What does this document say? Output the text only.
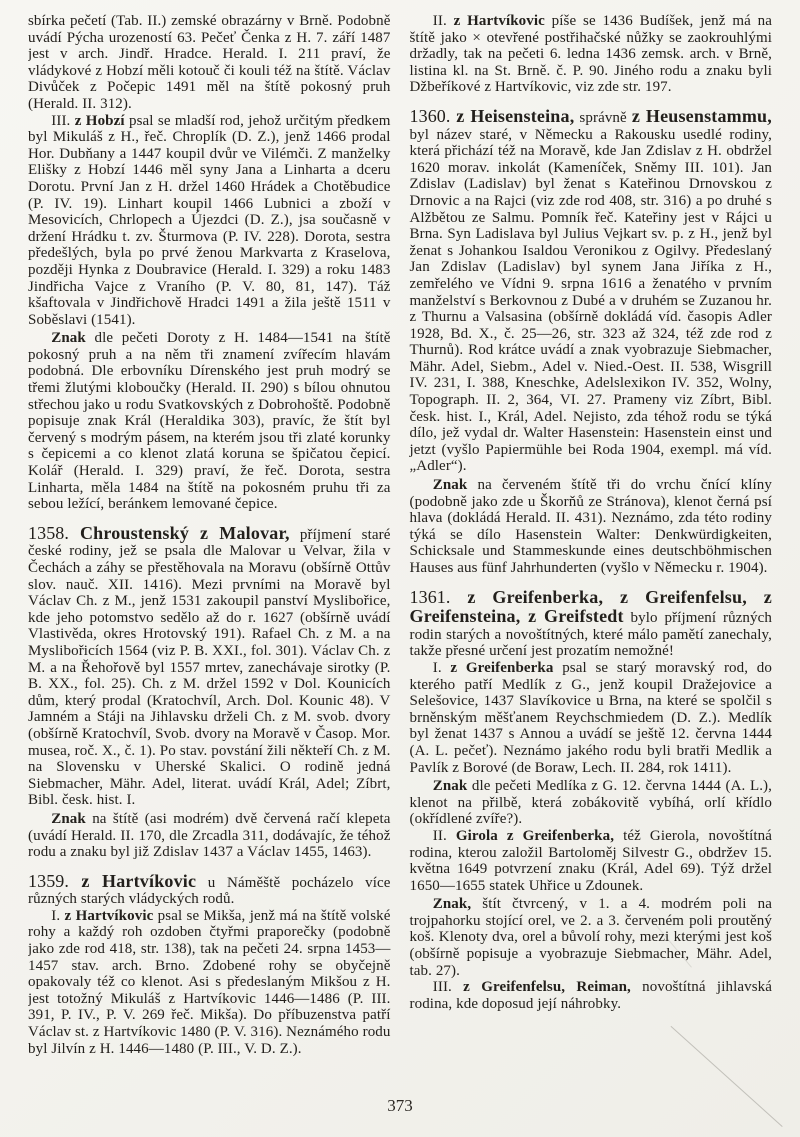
sbírka pečetí (Tab. II.) zemské obrazárny v Brně. Podobně uvádí Pýcha urozeností 63. Pečeť Čenka z H. 7. září 1487 jest v arch. Jindř. Hradce. Herald. I. 211 praví, že vládykové z Hobzí měli kotouč či kouli též na štítě. Václav Divůček z Počepic 1491 měl na štítě pokosný pruh (Herald. II. 312).

III. z Hobzí psal se mladší rod, jehož určitým předkem byl Mikuláš z H., řeč. Chroplík (D. Z.), jenž 1466 prodal Hor. Dubňany a 1447 koupil dvůr ve Vilémči. Z manželky Elišky z Hobzí 1446 měl syny Jana a Linharta a dceru Dorotu. První Jan z H. držel 1460 Hrádek a Chotěbudice (P. IV. 19). Linhart koupil 1466 Lubnici a zboží v Mesovicích, Chrlopech a Újezdci (D. Z.), jsa současně v držení Hrádku t. zv. Šturmova (P. IV. 228). Dorota, sestra předešlých, byla po prvé ženou Markvarta z Kraselova, později Hynka z Doubravice (Herald. I. 329) a roku 1483 Jindřicha Vajce z Vraního (P. V. 80, 81, 147). Táž kšaftovala v Jindřichově Hradci 1491 a žila ještě 1511 v Soběslavi (1541).

Znak dle pečeti Doroty z H. 1484—1541 na štítě pokosný pruh a na něm tři znamení zvířecím hlavám podobná. Dle erbovníku Dírenského jest pruh modrý se třemi žlutými kloboučky (Herald. II. 290) s bílou ohnutou střechou jako u rodu Svatkovských z Dobrohoště. Podobně popisuje znak Král (Heraldika 303), pravíc, že štít byl červený s modrým pásem, na kterém jsou tři zlaté korunky s čepicemi a co klenot zlatá koruna se špičatou čepicí. Kolář (Herald. I. 329) praví, že řeč. Dorota, sestra Linharta, měla 1484 na štítě na pokosném pruhu tři za sebou ležící, beránkem lemované čepice.

1358. Chroustenský z Malovar, příjmení staré české rodiny, jež se psala dle Malovar u Velvar, žila v Čechách a záhy se přestěhovala na Moravu (obšírně Ottův slov. nauč. XII. 1416). Mezi prvními na Moravě byl Václav Ch. z M., jenž 1531 zakoupil panství Myslibořice, kde jeho potomstvo sedělo až do r. 1627 (obšírně uvádí Vlastivěda, okres Hrotovský 191). Rafael Ch. z M. a na Myslibořicích 1564 (viz P. B. XXI., fol. 301). Václav Ch. z M. a na Řehořově byl 1557 mrtev, zanechávaje sirotky (P. B. XX., fol. 25). Ch. z M. držel 1592 v Dol. Kounicích dům, který prodal (Kratochvíl, Arch. Dol. Kounic 48). V Jamném a Stáji na Jihlavsku drželi Ch. z M. svob. dvory (obšírně Kratochvíl, Svob. dvory na Moravě v Časop. Mor. musea, roč. X., č. 1). Po stav. povstání žili někteří Ch. z M. na Slovensku v Uherské Skalici. O rodině jedná Siebmacher, Mähr. Adel, literat. uvádí Král, Adel; Zíbrt, Bibl. česk. hist. I.

Znak na štítě (asi modrém) dvě červená račí klepeta (uvádí Herald. II. 170, dle Zrcadla 311, dodávajíc, že téhož rodu a znaku byl již Zdislav 1437 a Václav 1455, 1463).

1359. z Hartvíkovic u Náměště pocházelo více různých starých vládyckých rodů.

I. z Hartvíkovic psal se Mikša, jenž má na štítě volské rohy a každý roh ozdoben čtyřmi praporečky (podobně jako zde rod 418, str. 138), tak na pečeti 24. srpna 1453—1457 stav. arch. Brno. Zdobené rohy se obyčejně opakovaly též co klenot. Asi s předeslaným Mikšou z H. jest totožný Mikuláš z Hartvíkovic 1446—1486 (P. III. 391, P. IV., P. V. 269 řeč. Mikša). Do příbuzenstva patří Václav st. z Hartvíkovic 1480 (P. V. 316). Neznámého rodu byl Jilvín z H. 1446—1480 (P. III., V. D. Z.).

II. z Hartvíkovic píše se 1436 Budíšek, jenž má na štítě jako × otevřené postřihačské nůžky se zaokrouhlými držadly, tak na pečeti 6. ledna 1436 zemsk. arch. v Brně, listina kl. na St. Brně. č. P. 90. Jiného rodu a znaku byli Džbeříkové z Hartvíkovic, viz zde str. 197.

1360. z Heisensteina, správně z Heusenstammu, byl název staré, v Německu a Rakousku usedlé rodiny, která přichází též na Moravě, kde Jan Zdislav z H. obdržel 1620 morav. inkolát (Kameníček, Sněmy III. 101). Jan Zdislav (Ladislav) byl ženat s Kateřinou Drnovskou z Drnovic a na Rajci (viz zde rod 408, str. 316) a po druhé s Alžbětou ze Salmu. Pomník řeč. Kateřiny jest v Rájci u Brna. Syn Ladislava byl Julius Vejkart sv. p. z H., jenž byl ženat s Johankou Isaldou Veronikou z Ogilvy. Předeslaný Jan Zdislav (Ladislav) byl synem Jana Jiříka z H., zemřelého ve Vídni 9. srpna 1616 a ženatého v prvním manželství s Berkovnou z Dubé a v druhém se Zuzanou hr. z Thurnu a Valsasina (obšírně dokládá víd. časopis Adler 1928, Bd. X., č. 25—26, str. 323 až 324, též zde rod z Thurnů). Rod krátce uvádí a znak vyobrazuje Siebmacher, Mähr. Adel, Siebm., Adel v. Nied.-Oest. II. 538, Wisgrill IV. 231, I. 388, Kneschke, Adelslexikon IV. 352, Wolny, Topograph. II. 2, 364, VI. 27. Prameny viz Zíbrt, Bibl. česk. hist. I., Král, Adel. Nejisto, zda téhož rodu se týká dílo, jež vydal dr. Walter Hasenstein: Hasenstein einst und jetzt (vyšlo Papiermühle bei Roda 1904, exempl. má víd. „Adler“).

Znak na červeném štítě tři do vrchu čnící klíny (podobně jako zde u Škorňů ze Stránova), klenot černá psí hlava (dokládá Herald. II. 431). Neznámo, zda této rodiny týká se dílo Hasenstein Walter: Denkwürdigkeiten, Schicksale und Stammeskunde eines deutschböhmischen Hauses aus fünf Jahrhunderten (vyšlo v Německu r. 1904).

1361. z Greifenberka, z Greifenfelsu, z Greifensteina, z Greifstedt bylo příjmení různých rodin starých a novoštítných, které málo pamětí zanechaly, takže přesné určení jest prozatím nemožné!

I. z Greifenberka psal se starý moravský rod, do kterého patří Medlík z G., jenž koupil Dražejovice a Selešovice, 1437 Slavíkovice u Brna, na které se spolčil s brněnským měšťanem Reychschmiedem (D. Z.). Medlík byl ženat 1437 s Annou a uvádí se ještě 12. června 1444 (A. L. pečeť). Neznámo jakého rodu byli bratři Medlik a Pavlík z Borové (de Boraw, Lech. II. 284, rok 1411).

Znak dle pečeti Medlíka z G. 12. června 1444 (A. L.), klenot na přilbě, která zobákovitě vybíhá, orlí křídlo (okřídlené zvíře?).

II. Girola z Greifenberka, též Gierola, novoštítná rodina, kterou založil Bartoloměj Silvestr G., obdržev 15. května 1649 potvrzení znaku (Král, Adel 69). Týž držel 1650—1655 statek Uhřice u Zdounek.

Znak, štít čtvrcený, v 1. a 4. modrém poli na trojpahorku stojící orel, ve 2. a 3. červeném poli proutěný koš. Klenoty dva, orel a bůvolí rohy, mezi kterými jest koš (obšírně popisuje a vyobrazuje Siebmacher, Mähr. Adel, tab. 27).

III. z Greifenfelsu, Reiman, novoštítná jihlavská rodina, kde doposud její náhrobky.

373
